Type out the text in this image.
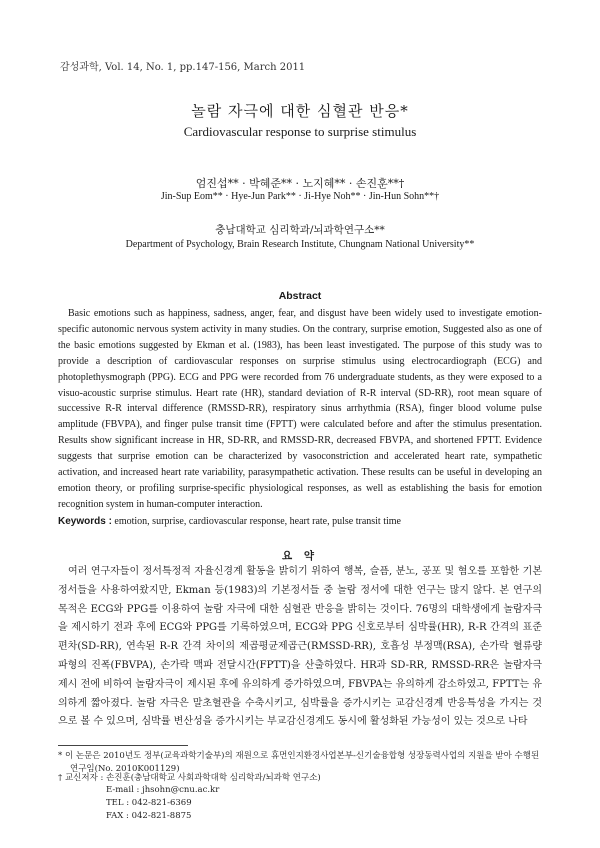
감성과학, Vol. 14, No. 1, pp.147-156, March 2011
놀람 자극에 대한 심혈관 반응*
Cardiovascular response to surprise stimulus
엄진섭** · 박혜준** · 노지혜** · 손진훈**†
Jin-Sup Eom** · Hye-Jun Park** · Ji-Hye Noh** · Jin-Hun Sohn**†
충남대학교 심리학과/뇌과학연구소**
Department of Psychology, Brain Research Institute, Chungnam National University**
Abstract
Basic emotions such as happiness, sadness, anger, fear, and disgust have been widely used to investigate emotion-specific autonomic nervous system activity in many studies. On the contrary, surprise emotion, Suggested also as one of the basic emotions suggested by Ekman et al. (1983), has been least investigated. The purpose of this study was to provide a description of cardiovascular responses on surprise stimulus using electrocardiograph (ECG) and photoplethysmograph (PPG). ECG and PPG were recorded from 76 undergraduate students, as they were exposed to a visuo-acoustic surprise stimulus. Heart rate (HR), standard deviation of R-R interval (SD-RR), root mean square of successive R-R interval difference (RMSSD-RR), respiratory sinus arrhythmia (RSA), finger blood volume pulse amplitude (FBVPA), and finger pulse transit time (FPTT) were calculated before and after the stimulus presentation. Results show significant increase in HR, SD-RR, and RMSSD-RR, decreased FBVPA, and shortened FPTT. Evidence suggests that surprise emotion can be characterized by vasoconstriction and accelerated heart rate, sympathetic activation, and increased heart rate variability, parasympathetic activation. These results can be useful in developing an emotion theory, or profiling surprise-specific physiological responses, as well as establishing the basis for emotion recognition system in human-computer interaction.
Keywords : emotion, surprise, cardiovascular response, heart rate, pulse transit time
요 약
여러 연구자들이 정서특정적 자율신경계 활동을 밝히기 위하여 행복, 슬픔, 분노, 공포 및 혐오를 포함한 기본 정서들을 사용하여왔지만, Ekman 등(1983)의 기본정서들 중 놀람 정서에 대한 연구는 많지 않다. 본 연구의 목적은 ECG와 PPG를 이용하여 놀람 자극에 대한 심혈관 반응을 밝히는 것이다. 76명의 대학생에게 놀람자극을 제시하기 전과 후에 ECG와 PPG를 기록하였으며, ECG와 PPG 신호로부터 심박률(HR), R-R 간격의 표준편차(SD-RR), 연속된 R-R 간격 차이의 제곱평균제곱근(RMSSD-RR), 호흡성 부정맥(RSA), 손가락 혈류량 파형의 진폭(FBVPA), 손가락 맥파 전달시간(FPTT)을 산출하였다. HR과 SD-RR, RMSSD-RR은 놀람자극 제시 전에 비하여 놀람자극이 제시된 후에 유의하게 증가하였으며, FBVPA는 유의하게 감소하였고, FPTT는 유의하게 짧아졌다. 놀람 자극은 말초혈관을 수축시키고, 심박률을 증가시키는 교감신경계 반응특성을 가지는 것으로 볼 수 있으며, 심박률 변산성을 증가시키는 부교감신경계도 동시에 활성화된 가능성이 있는 것으로 나타
* 이 논문은 2010년도 정부(교육과학기술부)의 재원으로 휴먼인지환경사업본부-신기술융합형 성장동력사업의 지원을 받아 수행된
연구임(No. 2010K001129)
† 교신저자 : 손진훈(충남대학교 사회과학대학 심리학과/뇌과학 연구소)
E-mail : jhsohn@cnu.ac.kr
TEL : 042-821-6369
FAX : 042-821-8875
